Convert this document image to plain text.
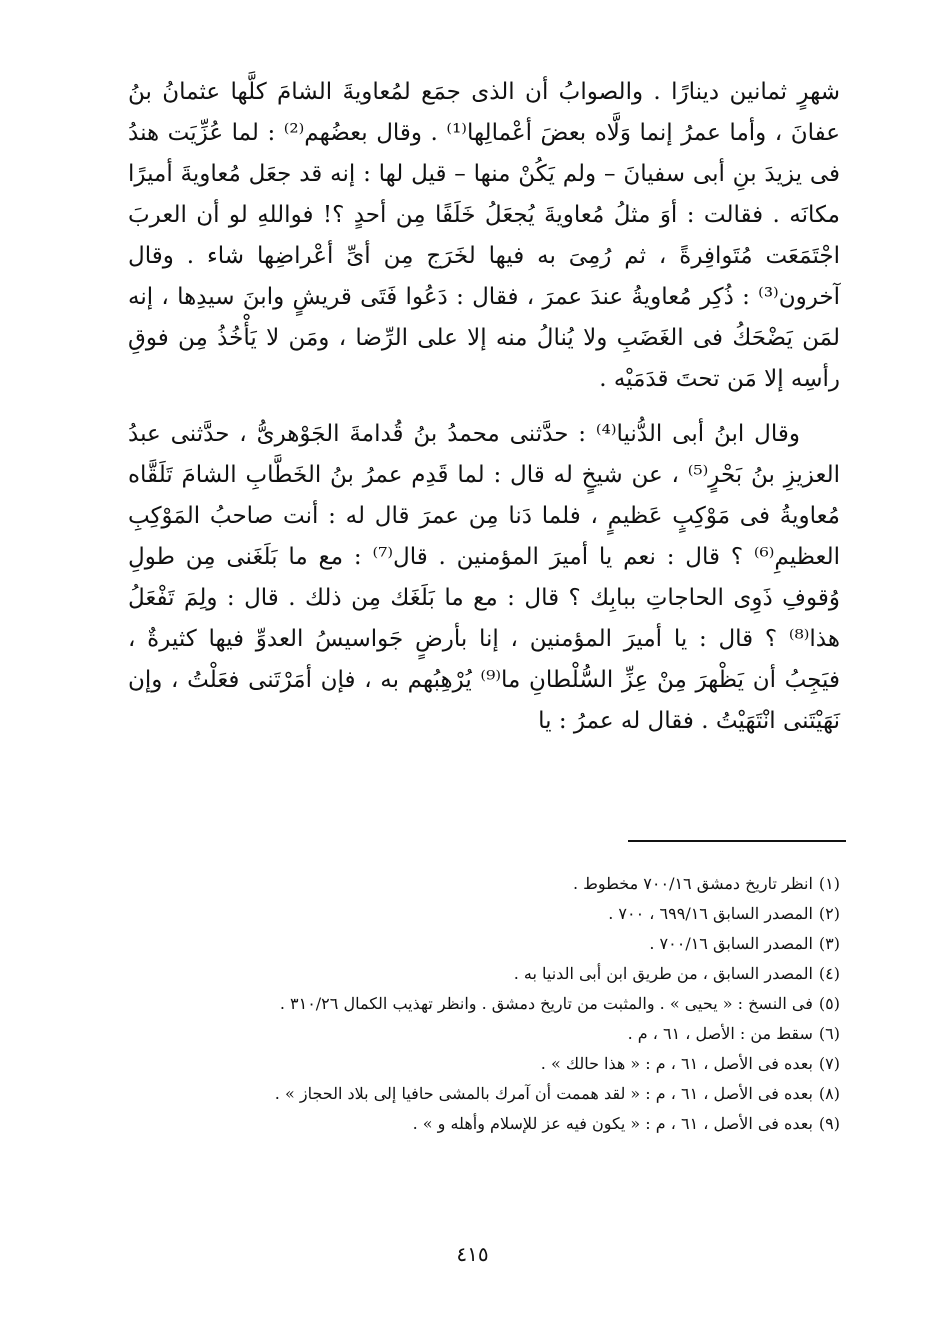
شهرٍ ثمانين دينارًا . والصوابُ أن الذى جمَع لمُعاويةَ الشامَ كلَّها عثمانُ بنُ عفانَ ، وأما عمرُ إنما وَلَّاه بعضَ أعْمالِها⁽¹⁾ . وقال بعضُهم⁽²⁾ : لما عُزِّيَت هندُ فى يزيدَ بنِ أبى سفيانَ – ولم يَكُنْ منها – قيل لها : إنه قد جعَل مُعاويةَ أميرًا مكانَه . فقالت : أوَ مثلُ مُعاويةَ يُجعَلُ خَلَفًا مِن أحدٍ ؟! فواللهِ لو أن العربَ اجْتَمَعَت مُتَوافِرةً ، ثم رُمِىَ به فيها لخَرَج مِن أىِّ أعْراضِها شاء . وقال آخرون⁽³⁾ : ذُكِر مُعاويةُ عندَ عمرَ ، فقال : دَعُوا فَتَى قريشٍ وابنَ سيدِها ، إنه لمَن يَضْحَكُ فى الغَضَبِ ولا يُنالُ منه إلا على الرِّضا ، ومَن لا يَأْخُذُ مِن فوقِ رأسِه إلا مَن تحتَ قدَمَيْه .

وقال ابنُ أبى الدُّنيا⁽⁴⁾ : حدَّثنى محمدُ بنُ قُدامةَ الجَوْهرىُّ ، حدَّثنى عبدُ العزيزِ بنُ بَحْرٍ⁽⁵⁾ ، عن شيخٍ له قال : لما قَدِم عمرُ بنُ الخَطَّابِ الشامَ تَلَقَّاه مُعاويةُ فى مَوْكِبٍ عَظيمٍ ، فلما دَنا مِن عمرَ قال له : أنت صاحبُ المَوْكِبِ العظيمِ⁽⁶⁾ ؟ قال : نعم يا أميرَ المؤمنين . قال⁽⁷⁾ : مع ما بَلَغَنى مِن طولِ وُقوفِ ذَوِى الحاجاتِ ببابِك ؟ قال : مع ما بَلَغَك مِن ذلك . قال : ولِمَ تَفْعَلُ هذا⁽⁸⁾ ؟ قال : يا أميرَ المؤمنين ، إنا بأرضٍ جَواسيسُ العدوِّ فيها كثيرةٌ ، فيَجِبُ أن يَظْهرَ مِنْ عِزِّ السُّلْطانِ ما⁽⁹⁾ يُرْهِبُهم به ، فإن أمَرْتَنى فعَلْتُ ، وإن نَهَيْتَنى انْتَهَيْتُ . فقال له عمرُ : يا

(١)انظر تاريخ دمشق ٧٠٠/١٦ مخطوط .
(٢)المصدر السابق ٦٩٩/١٦ ، ٧٠٠ .
(٣)المصدر السابق ٧٠٠/١٦ .
(٤)المصدر السابق ، من طريق ابن أبى الدنيا به .
(٥)فى النسخ : « يحيى » . والمثبت من تاريخ دمشق . وانظر تهذيب الكمال ٣١٠/٢٦ .
(٦)سقط من : الأصل ، ٦١ ، م .
(٧)بعده فى الأصل ، ٦١ ، م : « هذا حالك » .
(٨)بعده فى الأصل ، ٦١ ، م : « لقد هممت أن آمرك بالمشى حافيا إلى بلاد الحجاز » .
(٩)بعده فى الأصل ، ٦١ ، م : « يكون فيه عز للإسلام وأهله و » .
٤١٥
